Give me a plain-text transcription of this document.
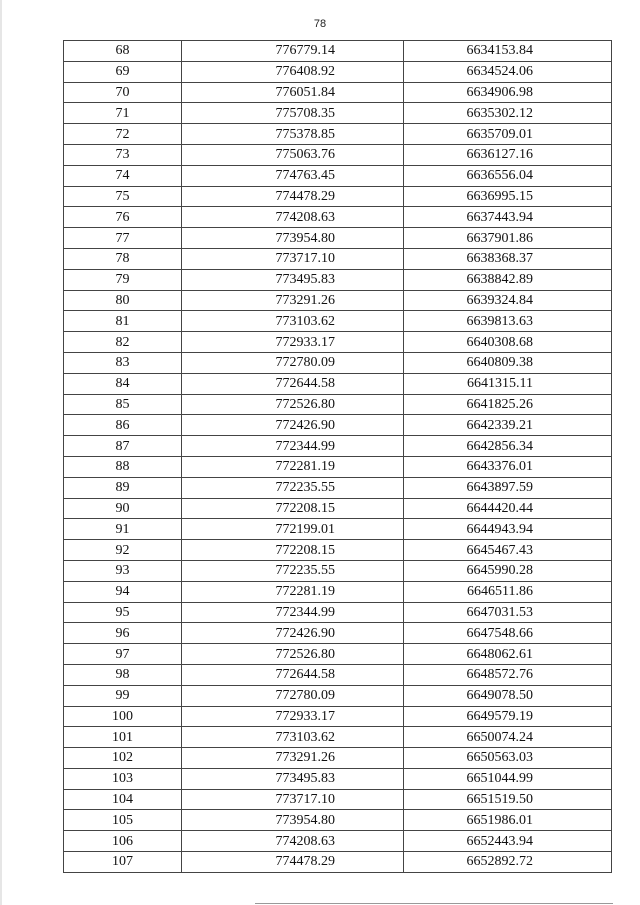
78
68	776779.14	6634153.84
69	776408.92	6634524.06
70	776051.84	6634906.98
71	775708.35	6635302.12
72	775378.85	6635709.01
73	775063.76	6636127.16
74	774763.45	6636556.04
75	774478.29	6636995.15
76	774208.63	6637443.94
77	773954.80	6637901.86
78	773717.10	6638368.37
79	773495.83	6638842.89
80	773291.26	6639324.84
81	773103.62	6639813.63
82	772933.17	6640308.68
83	772780.09	6640809.38
84	772644.58	6641315.11
85	772526.80	6641825.26
86	772426.90	6642339.21
87	772344.99	6642856.34
88	772281.19	6643376.01
89	772235.55	6643897.59
90	772208.15	6644420.44
91	772199.01	6644943.94
92	772208.15	6645467.43
93	772235.55	6645990.28
94	772281.19	6646511.86
95	772344.99	6647031.53
96	772426.90	6647548.66
97	772526.80	6648062.61
98	772644.58	6648572.76
99	772780.09	6649078.50
100	772933.17	6649579.19
101	773103.62	6650074.24
102	773291.26	6650563.03
103	773495.83	6651044.99
104	773717.10	6651519.50
105	773954.80	6651986.01
106	774208.63	6652443.94
107	774478.29	6652892.72
